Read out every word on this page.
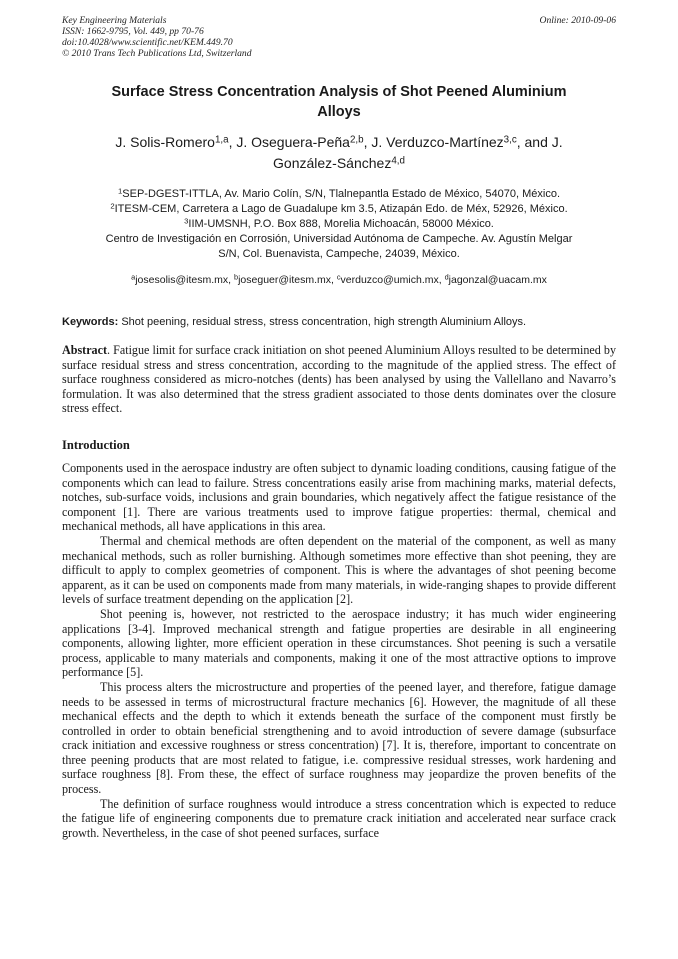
Key Engineering Materials
ISSN: 1662-9795, Vol. 449, pp 70-76
doi:10.4028/www.scientific.net/KEM.449.70
© 2010 Trans Tech Publications Ltd, Switzerland
Online: 2010-09-06
Surface Stress Concentration Analysis of Shot Peened Aluminium
Alloys
J. Solis-Romero$^{1,a}$, J. Oseguera-Peña$^{2,b}$, J. Verduzco-Martínez$^{3,c}$, and J.
González-Sánchez$^{4,d}$
$^1$SEP-DGEST-ITTLA, Av. Mario Colín, S/N, Tlalnepantla Estado de México, 54070, México.
$^2$ITESM-CEM, Carretera a Lago de Guadalupe km 3.5, Atizapán Edo. de Méx, 52926, México.
$^3$IIM-UMSNH, P.O. Box 888, Morelia Michoacán, 58000 México.
Centro de Investigación en Corrosión, Universidad Autónoma de Campeche. Av. Agustín Melgar
S/N, Col. Buenavista, Campeche, 24039, México.
$^a$josesolis@itesm.mx, $^b$joseguer@itesm.mx, $^c$verduzco@umich.mx, $^d$jagonzal@uacam.mx
Keywords: Shot peening, residual stress, stress concentration, high strength Aluminium Alloys.
Abstract. Fatigue limit for surface crack initiation on shot peened Aluminium Alloys resulted to be determined by surface residual stress and stress concentration, according to the magnitude of the applied stress. The effect of surface roughness considered as micro-notches (dents) has been analysed by using the Vallellano and Navarro’s formulation. It was also determined that the stress gradient associated to those dents dominates over the closure stress effect.
Introduction

Components used in the aerospace industry are often subject to dynamic loading conditions, causing fatigue of the components which can lead to failure. Stress concentrations easily arise from machining marks, material defects, notches, sub-surface voids, inclusions and grain boundaries, which negatively affect the fatigue resistance of the component [1]. There are various treatments used to improve fatigue properties: thermal, chemical and mechanical methods, all have applications in this area.

Thermal and chemical methods are often dependent on the material of the component, as well as many mechanical methods, such as roller burnishing. Although sometimes more effective than shot peening, they are difficult to apply to complex geometries of component. This is where the advantages of shot peening become apparent, as it can be used on components made from many materials, in wide-ranging shapes to provide different levels of surface treatment depending on the application [2].

Shot peening is, however, not restricted to the aerospace industry; it has much wider engineering applications [3-4]. Improved mechanical strength and fatigue properties are desirable in all engineering components, allowing lighter, more efficient operation in these circumstances. Shot peening is such a versatile process, applicable to many materials and components, making it one of the most attractive options to improve performance [5].

This process alters the microstructure and properties of the peened layer, and therefore, fatigue damage needs to be assessed in terms of microstructural fracture mechanics [6]. However, the magnitude of all these mechanical effects and the depth to which it extends beneath the surface of the component must firstly be controlled in order to obtain beneficial strengthening and to avoid introduction of severe damage (subsurface crack initiation and excessive roughness or stress concentration) [7]. It is, therefore, important to concentrate on three peening products that are most related to fatigue, i.e. compressive residual stresses, work hardening and surface roughness [8]. From these, the effect of surface roughness may jeopardize the proven benefits of the process.

The definition of surface roughness would introduce a stress concentration which is expected to reduce the fatigue life of engineering components due to premature crack initiation and accelerated near surface crack growth. Nevertheless, in the case of shot peened surfaces, surface
